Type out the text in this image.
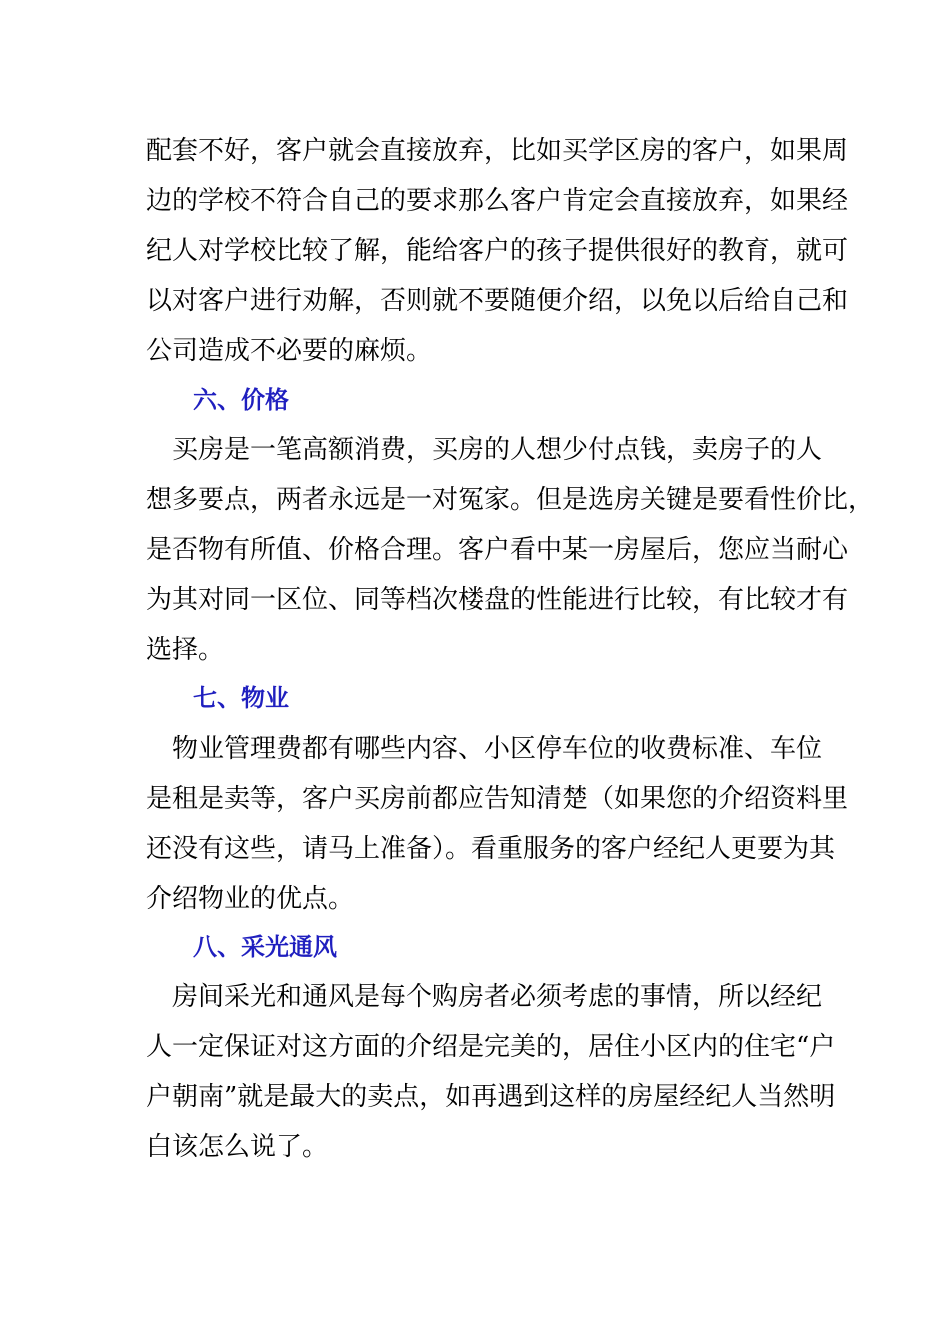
配套不好，客户就会直接放弃，比如买学区房的客户，如果周
边的学校不符合自己的要求那么客户肯定会直接放弃，如果经
纪人对学校比较了解，能给客户的孩子提供很好的教育，就可
以对客户进行劝解，否则就不要随便介绍，以免以后给自己和
公司造成不必要的麻烦。
六、价格
　买房是一笔高额消费，买房的人想少付点钱，卖房子的人
想多要点，两者永远是一对冤家。但是选房关键是要看性价比，
是否物有所值、价格合理。客户看中某一房屋后，您应当耐心
为其对同一区位、同等档次楼盘的性能进行比较，有比较才有
选择。
七、物业
　物业管理费都有哪些内容、小区停车位的收费标准、车位
是租是卖等，客户买房前都应告知清楚（如果您的介绍资料里
还没有这些，请马上准备）。看重服务的客户经纪人更要为其
介绍物业的优点。
八、采光通风
　房间采光和通风是每个购房者必须考虑的事情，所以经纪
人一定保证对这方面的介绍是完美的，居住小区内的住宅“户
户朝南”就是最大的卖点，如再遇到这样的房屋经纪人当然明
白该怎么说了。
